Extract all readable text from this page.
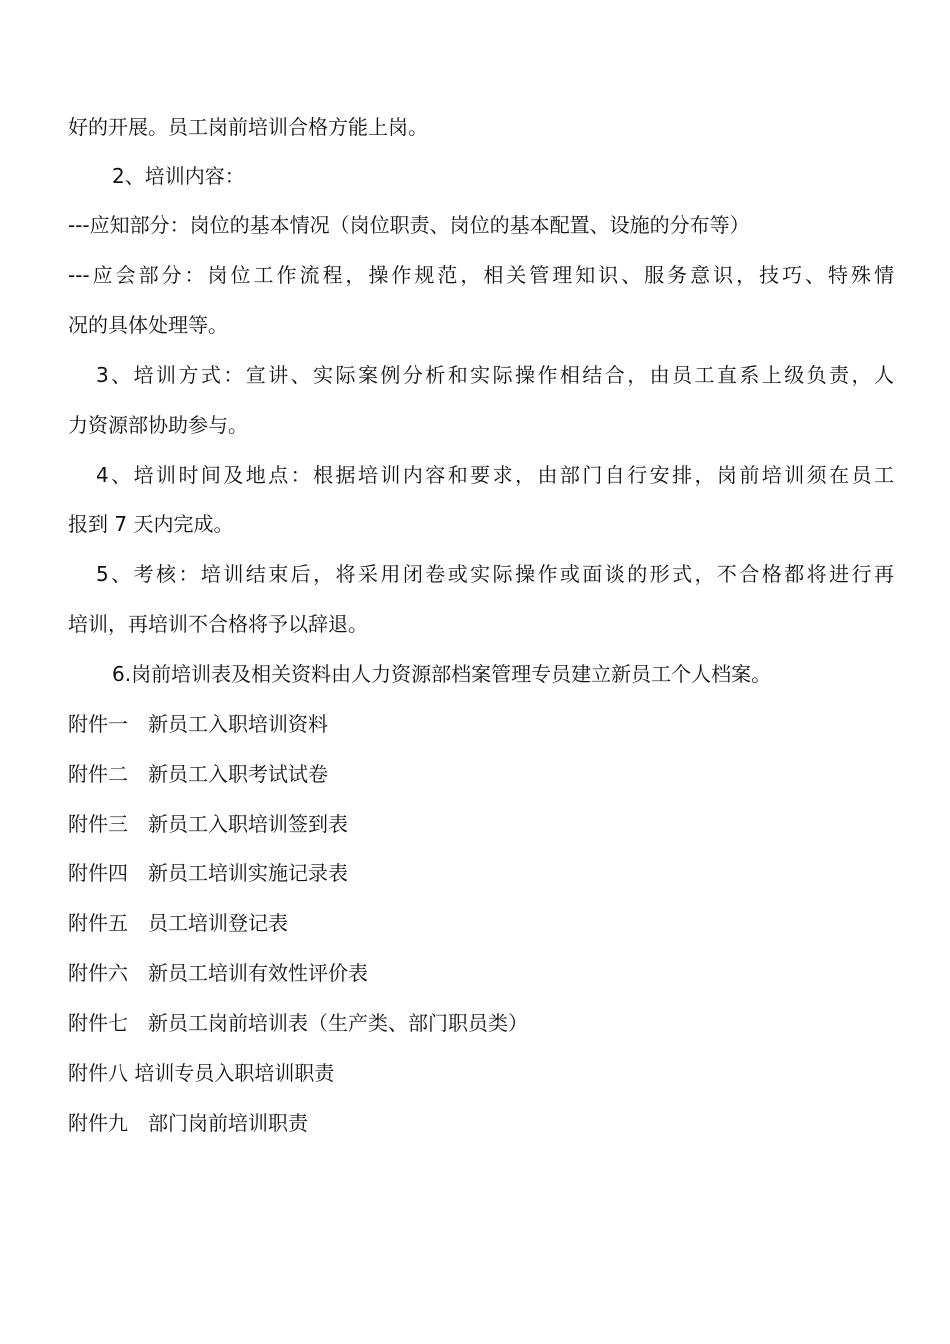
好的开展。员工岗前培训合格方能上岗。
2、培训内容：
---应知部分：岗位的基本情况（岗位职责、岗位的基本配置、设施的分布等）
---应会部分：岗位工作流程，操作规范，相关管理知识、服务意识，技巧、特殊情
况的具体处理等。
3、培训方式：宣讲、实际案例分析和实际操作相结合，由员工直系上级负责，人
力资源部协助参与。
4、培训时间及地点：根据培训内容和要求，由部门自行安排，岗前培训须在员工
报到 7 天内完成。
5、考核：培训结束后，将采用闭卷或实际操作或面谈的形式，不合格都将进行再
培训，再培训不合格将予以辞退。
6.岗前培训表及相关资料由人力资源部档案管理专员建立新员工个人档案。
附件一　新员工入职培训资料
附件二　新员工入职考试试卷
附件三　新员工入职培训签到表
附件四　新员工培训实施记录表
附件五　员工培训登记表
附件六　新员工培训有效性评价表
附件七　新员工岗前培训表（生产类、部门职员类）
附件八 培训专员入职培训职责
附件九　部门岗前培训职责
